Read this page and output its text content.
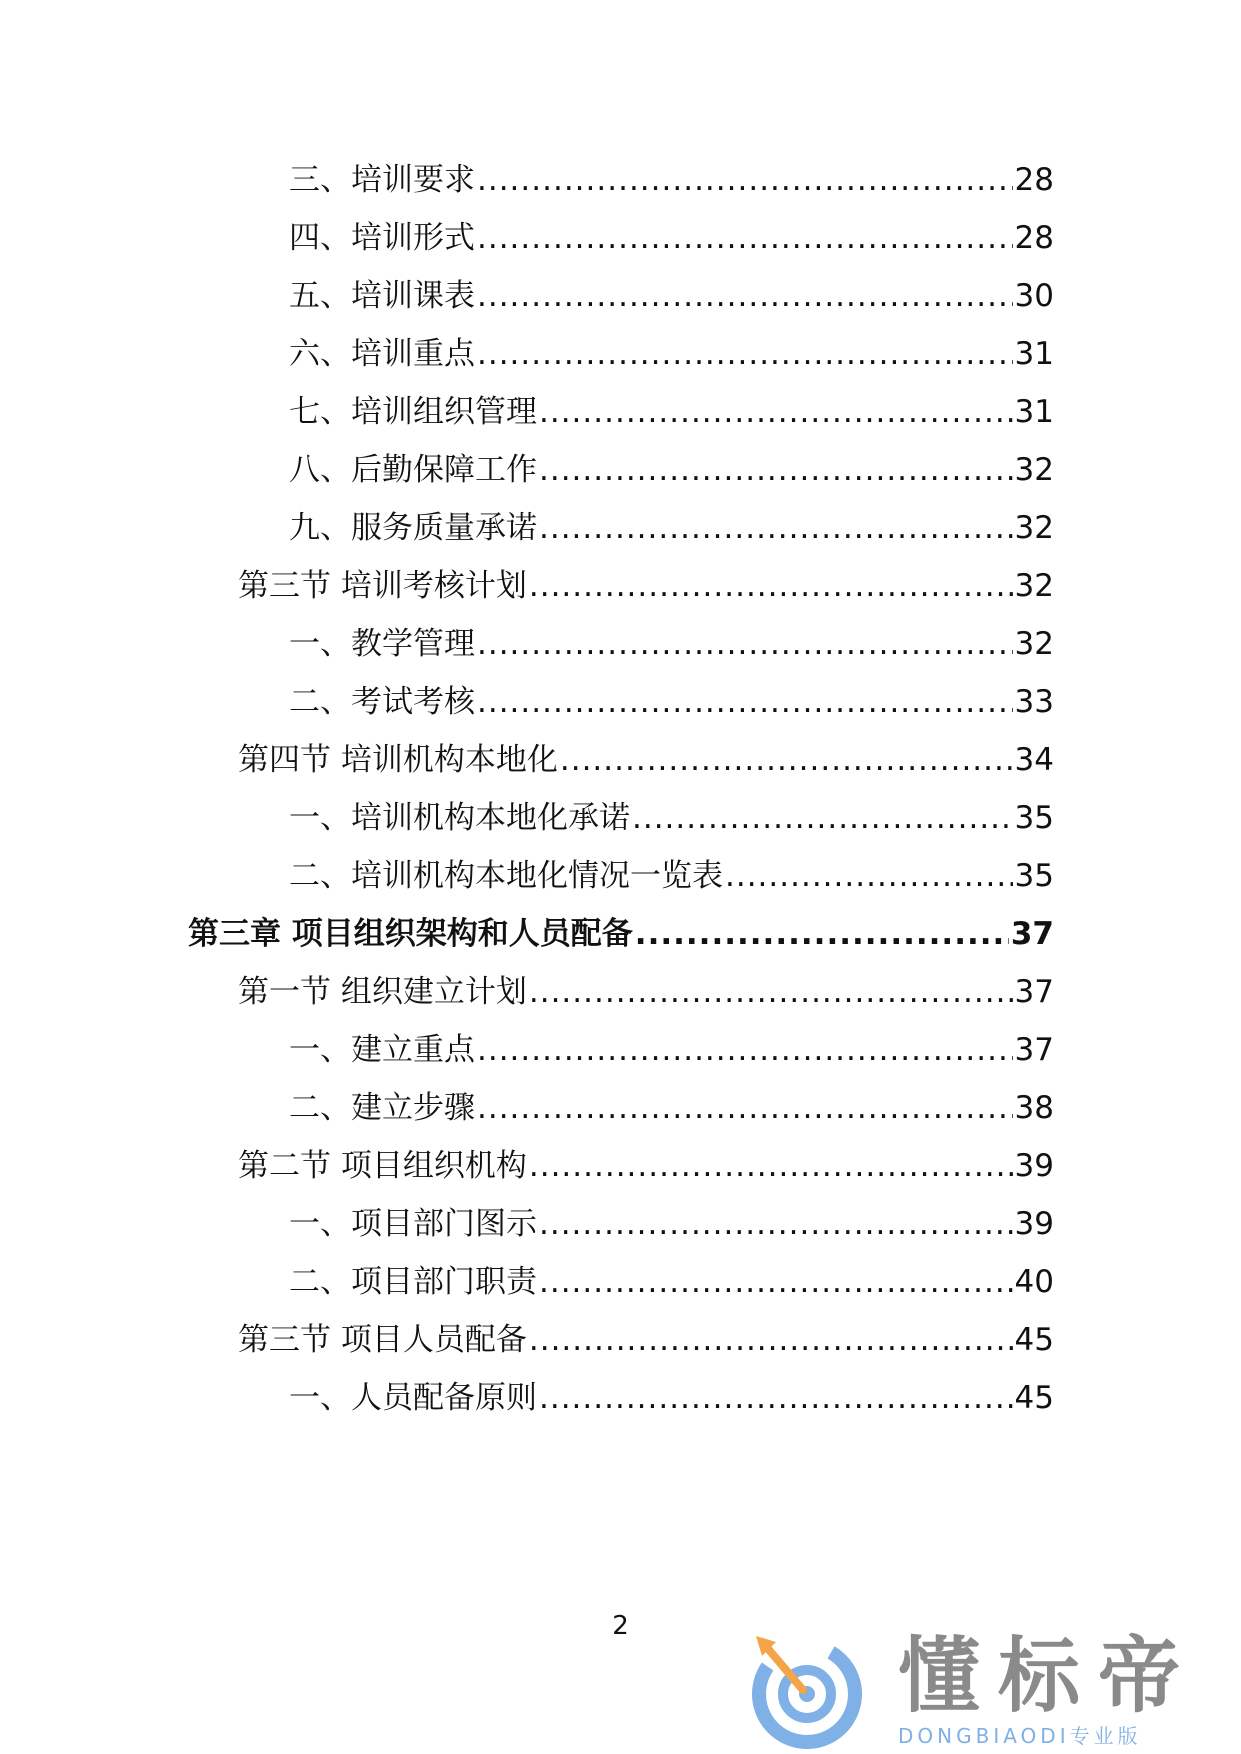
三、培训要求 .....	28
四、培训形式 .....	28
五、培训课表 .....	30
六、培训重点 .....	31
七、培训组织管理 .....	31
八、后勤保障工作 .....	32
九、服务质量承诺 .....	32
第三节 培训考核计划 .....	32
一、教学管理 .....	32
二、考试考核 .....	33
第四节 培训机构本地化 .....	34
一、培训机构本地化承诺 .....	35
二、培训机构本地化情况一览表 .....	35
第三章 项目组织架构和人员配备 .....	37
第一节 组织建立计划 .....	37
一、建立重点 .....	37
二、建立步骤 .....	38
第二节 项目组织机构 .....	39
一、项目部门图示 .....	39
二、项目部门职责 .....	40
第三节 项目人员配备 .....	45
一、人员配备原则 .....	45
2
懂标帝
DONGBIAODI专业版
